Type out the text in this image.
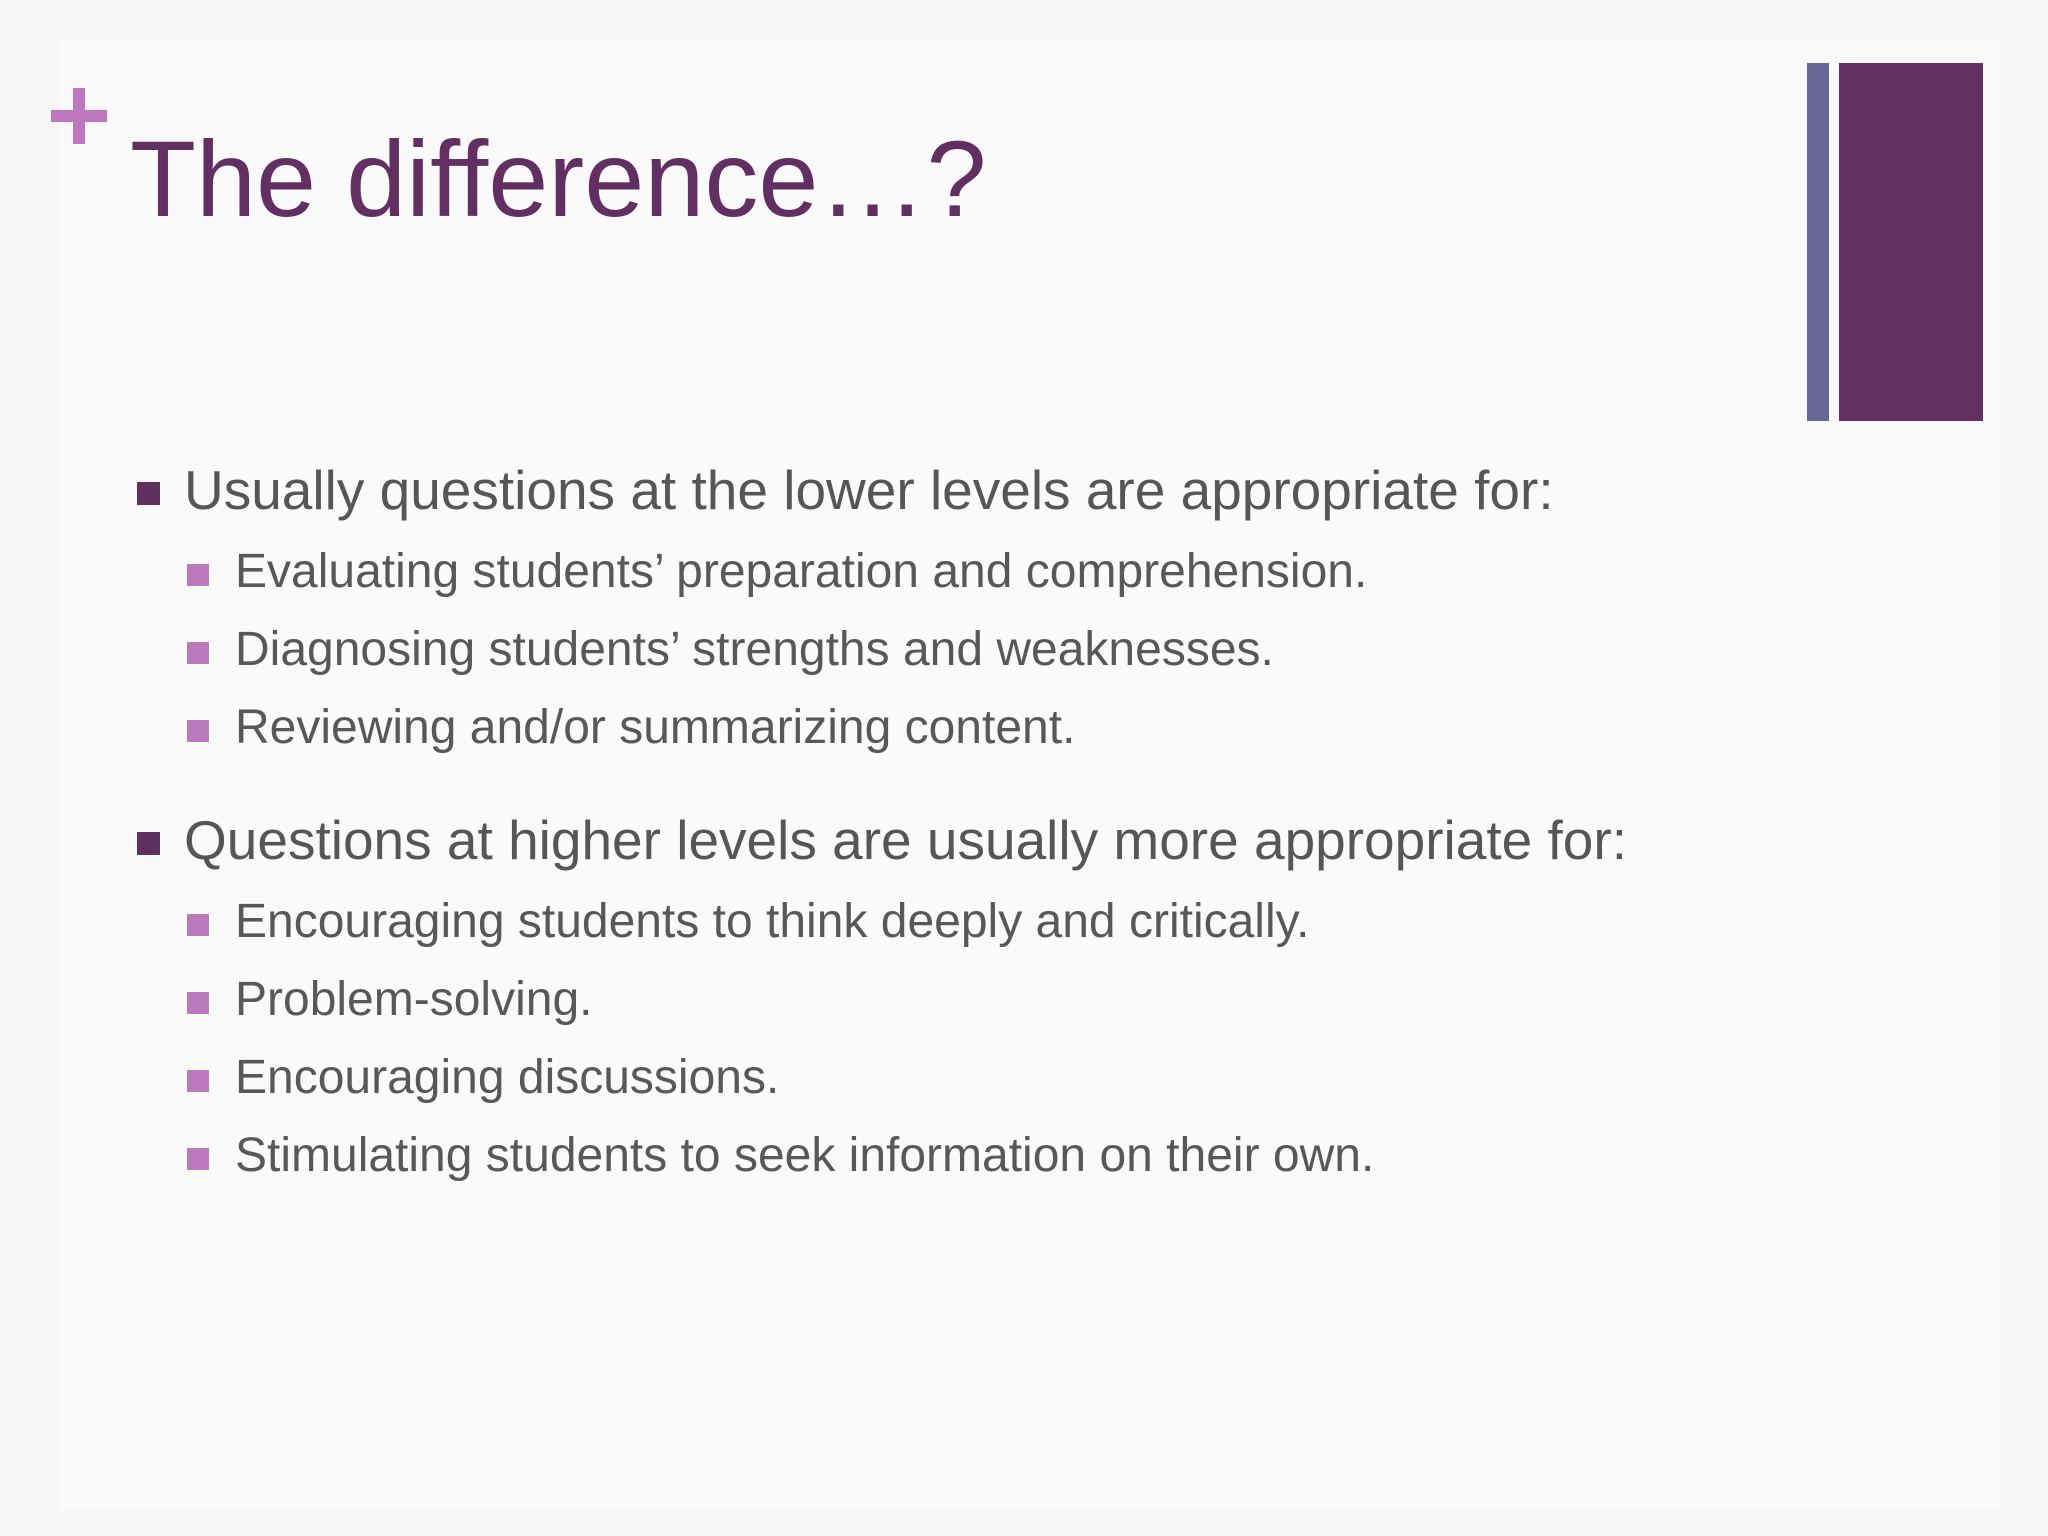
The difference…?
Usually questions at the lower levels are appropriate for:
Evaluating students’ preparation and comprehension.
Diagnosing students’ strengths and weaknesses.
Reviewing and/or summarizing content.
Questions at higher levels are usually more appropriate for:
Encouraging students to think deeply and critically.
Problem-solving.
Encouraging discussions.
Stimulating students to seek information on their own.
